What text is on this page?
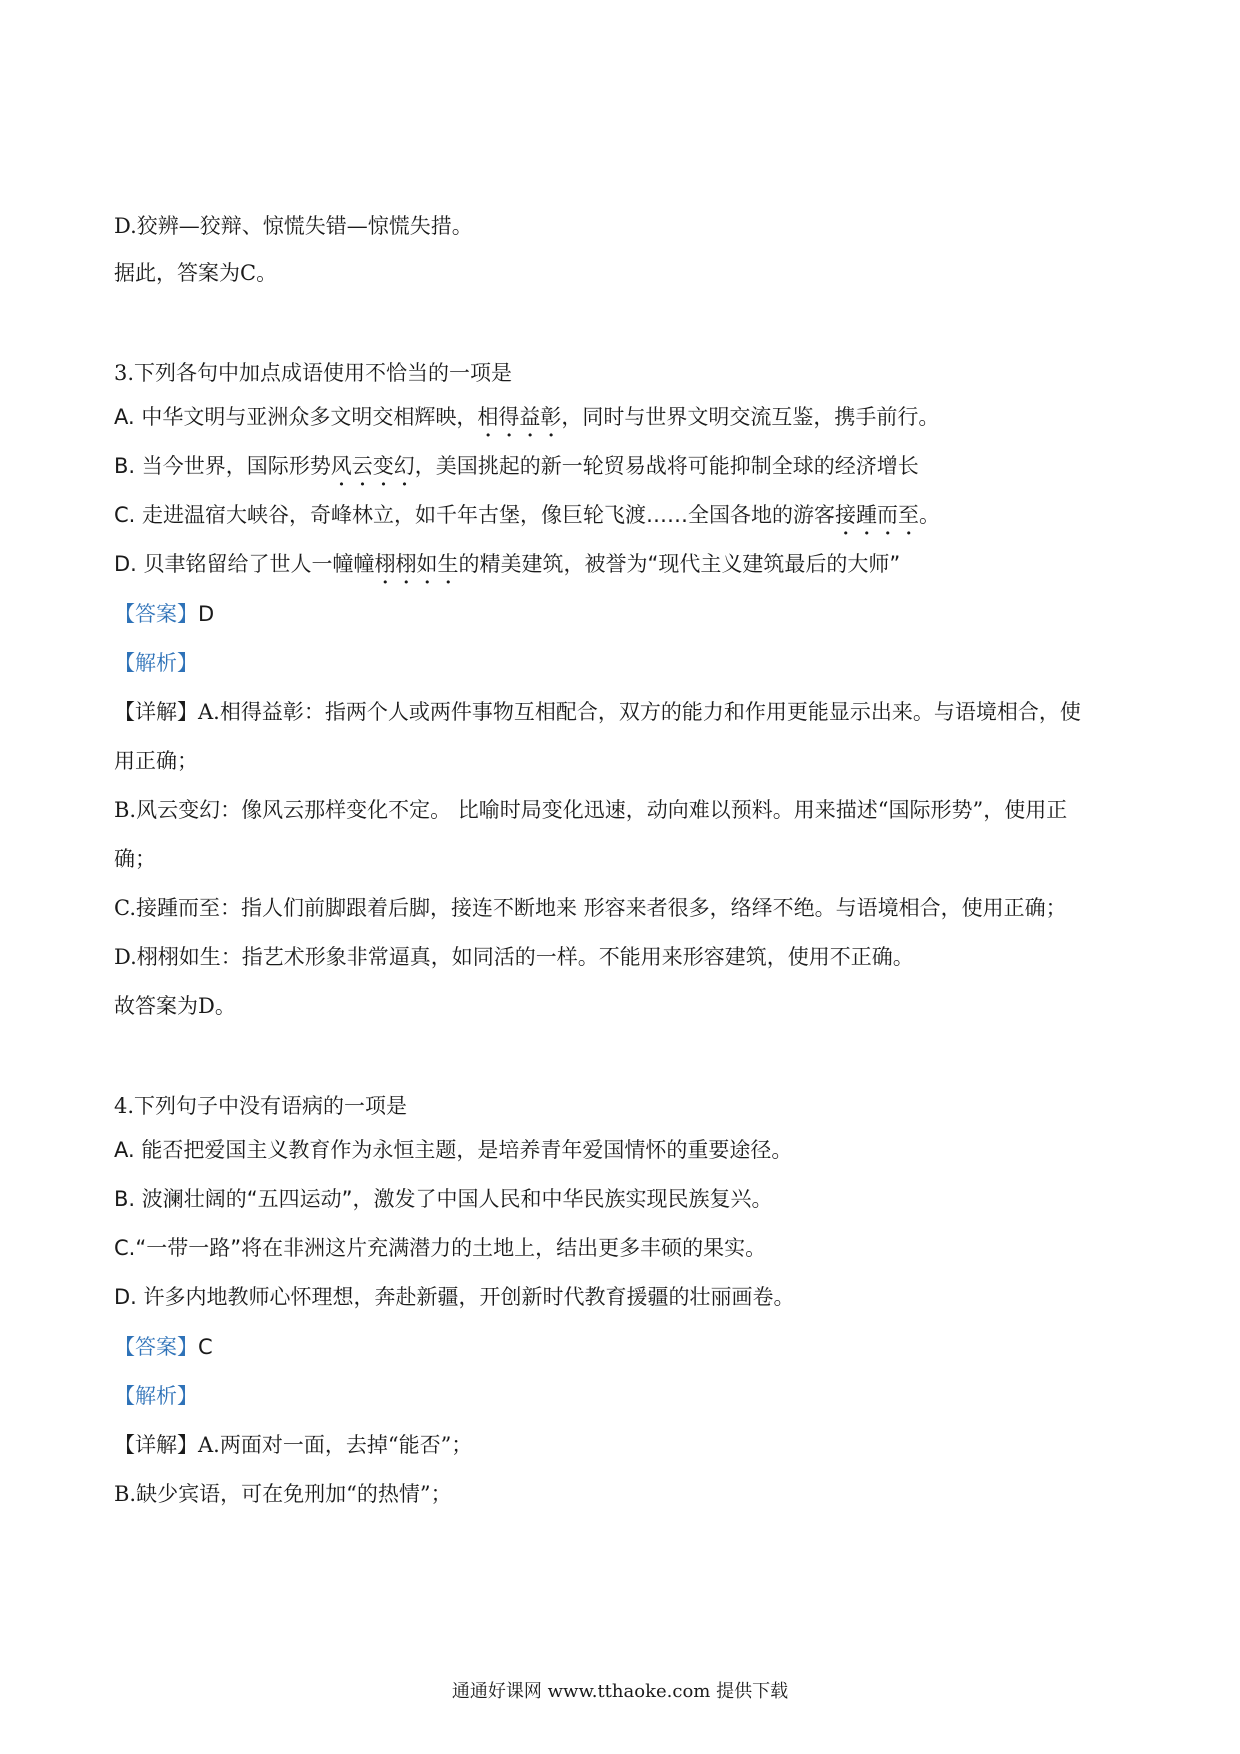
D.狡辨—狡辩、惊慌失错—惊慌失措。
据此，答案为C。
3.下列各句中加点成语使用不恰当的一项是
A. 中华文明与亚洲众多文明交相辉映，相得益彰，同时与世界文明交流互鉴，携手前行。
B. 当今世界，国际形势风云变幻，美国挑起的新一轮贸易战将可能抑制全球的经济增长
C. 走进温宿大峡谷，奇峰林立，如千年古堡，像巨轮飞渡……全国各地的游客接踵而至。
D. 贝聿铭留给了世人一幢幢栩栩如生的精美建筑，被誉为“现代主义建筑最后的大师”
【答案】D
【解析】
【详解】A.相得益彰：指两个人或两件事物互相配合，双方的能力和作用更能显示出来。与语境相合，使
用正确；
B.风云变幻：像风云那样变化不定。 比喻时局变化迅速，动向难以预料。用来描述“国际形势”，使用正
确；
C.接踵而至：指人们前脚跟着后脚，接连不断地来 形容来者很多，络绎不绝。与语境相合，使用正确；
D.栩栩如生：指艺术形象非常逼真，如同活的一样。不能用来形容建筑，使用不正确。
故答案为D。
4.下列句子中没有语病的一项是
A. 能否把爱国主义教育作为永恒主题，是培养青年爱国情怀的重要途径。
B. 波澜壮阔的“五四运动”，激发了中国人民和中华民族实现民族复兴。
C.“一带一路”将在非洲这片充满潜力的土地上，结出更多丰硕的果实。
D. 许多内地教师心怀理想，奔赴新疆，开创新时代教育援疆的壮丽画卷。
【答案】C
【解析】
【详解】A.两面对一面，去掉“能否”；
B.缺少宾语，可在免刑加“的热情”；
通通好课网 www.tthaoke.com 提供下载
